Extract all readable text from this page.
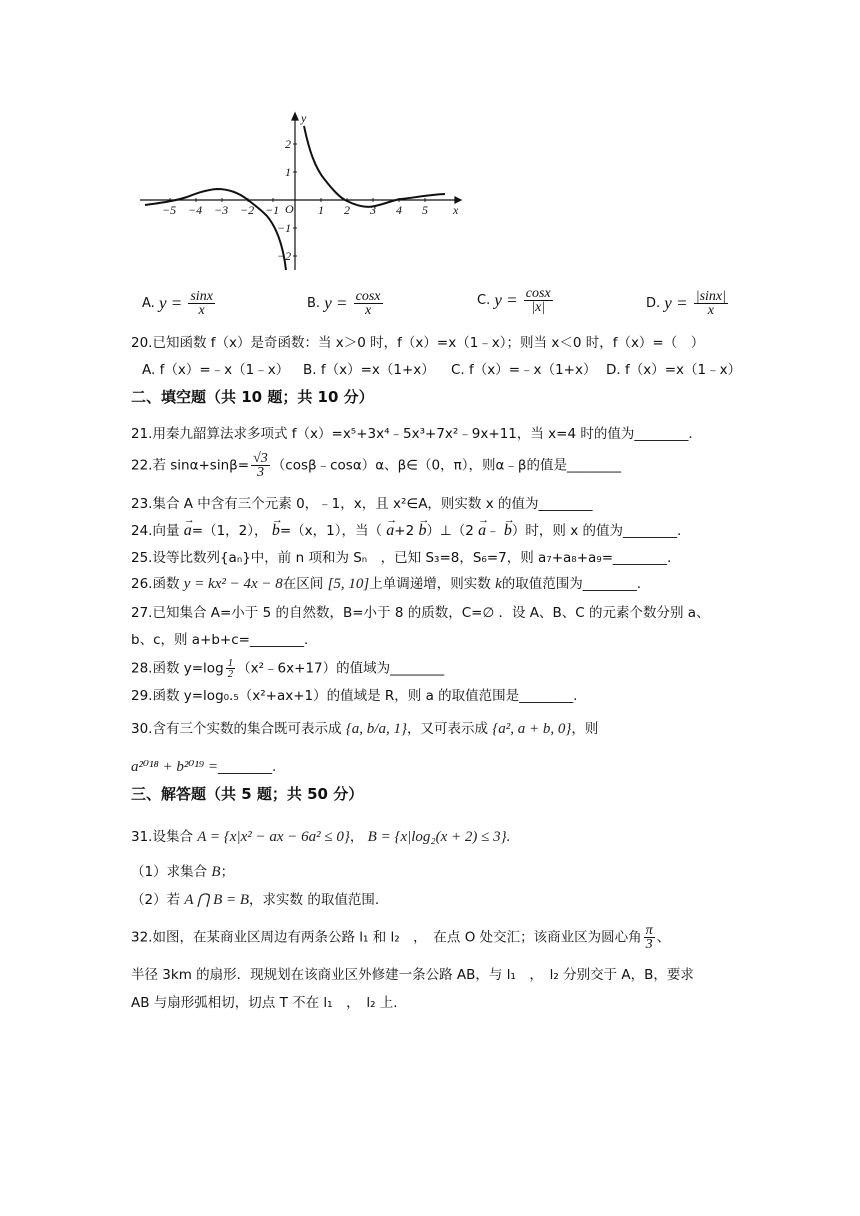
y
x
O
−5 −4 −3 −2 −1	1 2 3 4 5
2
1
−1
−2
A. $y = \frac{\sin x}{x}$	B. $y = \frac{\cos x}{x}$	C. $y = \frac{\cos x}{|x|}$	D. $y = \frac{|\sin x|}{x}$
20.已知函数 f（x）是奇函数：当 x＞0 时，f（x）=x（1﹣x）；则当 x＜0 时，f（x）=（　）
A. f（x）=﹣x（1﹣x） B. f（x）=x（1+x） C. f（x）=﹣x（1+x） D. f（x）=x（1﹣x）
二、填空题（共 10 题；共 10 分）
21.用秦九韶算法求多项式 f（x）=x⁵+3x⁴﹣5x³+7x²﹣9x+11，当 x=4 时的值为________.
22.若 $\sin\alpha+\sin\beta= \frac{√3}{3}$ （cosβ﹣cosα）α、β∈（0，π），则α﹣β的值是________
23.集合 A 中含有三个元素 0，﹣1，x，且 x²∈A，则实数 x 的值为________
24.向量 → a=（1，2）， → b=（x，1），当（ → a+2 → b）⊥（2 → a﹣ → b）时，则 x 的值为________.
25.设等比数列{aₙ}中，前 n 项和为 Sₙ　，已知 S₃=8，S₆=7，则 a₇+a₈+a₉=________.
26.函数 y = kx² − 4x − 8在区间 [5, 10]上单调递增，则实数 k的取值范围为________.
27.已知集合 A=小于 5 的自然数，B=小于 8 的质数，C=∅ ．设 A、B、C 的元素个数分别 a、
b、c，则 a+b+c=________.
28.函数 $y=\log \frac{1}{2}$ （x²﹣6x+17）的值域为________
29.函数 y=log₀.₅（x²+ax+1）的值域是 R，则 a 的取值范围是________.
30.含有三个实数的集合既可表示成 {a, b/a, 1}，又可表示成 {a², a + b, 0}，则
a²⁰¹⁸ + b²⁰¹⁹ =________.
三、解答题（共 5 题；共 50 分）
31.设集合 A = {x|x² − ax − 6a² ≤ 0}， B = {x|log₂(x + 2) ≤ 3}.
（1）求集合 B；
（2）若 A ⋂ B = B，求实数 的取值范围.
32.如图，在某商业区周边有两条公路 l₁ 和 l₂　，　在点 O 处交汇；该商业区为圆心角 $\frac{\pi}{3}$ 、
半径 3km 的扇形．现规划在该商业区外修建一条公路 AB，与 l₁　，　l₂ 分别交于 A，B，要求
AB 与扇形弧相切，切点 T 不在 l₁　，　l₂ 上.
